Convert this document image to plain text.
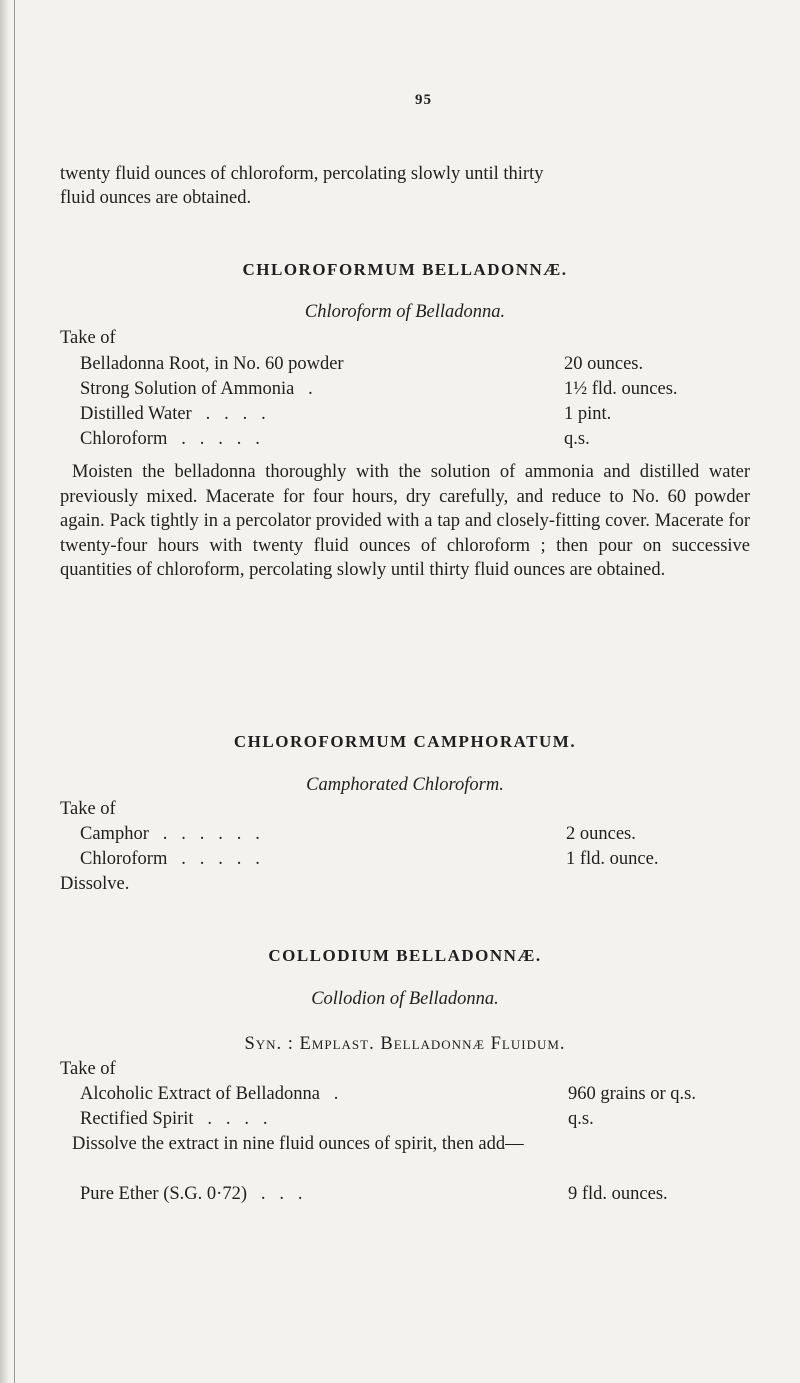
95
twenty fluid ounces of chloroform, percolating slowly until thirty
fluid ounces are obtained.
CHLOROFORMUM BELLADONNÆ.
Chloroform of Belladonna.
Take of
Belladonna Root, in No. 60 powder	20 ounces.
Strong Solution of Ammonia   .	1½ fld. ounces.
Distilled Water   .   .   .   .	1 pint.
Chloroform   .   .   .   .   .	q.s.
Moisten the belladonna thoroughly with the solution of ammonia and distilled water previously mixed. Macerate for four hours, dry carefully, and reduce to No. 60 powder again. Pack tightly in a percolator provided with a tap and closely-fitting cover. Macerate for twenty-four hours with twenty fluid ounces of chloroform ; then pour on successive quantities of chloroform, percolating slowly until thirty fluid ounces are obtained.
CHLOROFORMUM CAMPHORATUM.
Camphorated Chloroform.
Take of
Camphor   .   .   .   .   .   .	2 ounces.
Chloroform   .   .   .   .   .	1 fld. ounce.
Dissolve.
COLLODIUM BELLADONNÆ.
Collodion of Belladonna.
Syn. : Emplast. Belladonnæ Fluidum.
Take of
Alcoholic Extract of Belladonna   .	960 grains or q.s.
Rectified Spirit   .   .   .   .	q.s.
Dissolve the extract in nine fluid ounces of spirit, then add—
Pure Ether (S.G. 0·72)   .   .   .	9 fld. ounces.
